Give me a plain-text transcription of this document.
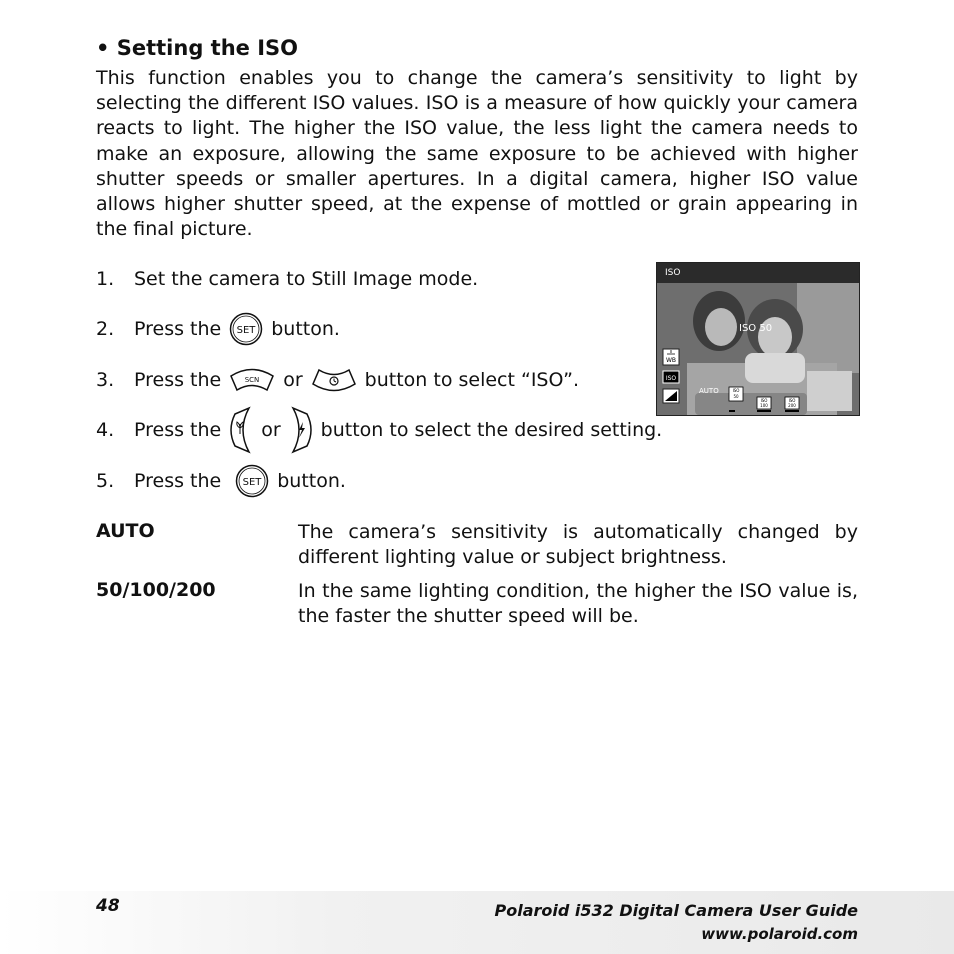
• Setting the ISO
This function enables you to change the camera’s sensitivity to light by selecting the different ISO values. ISO is a measure of how quickly your camera reacts to light. The higher the ISO value, the less light the camera needs to make an exposure, allowing the same exposure to be achieved with higher shutter speeds or smaller apertures. In a digital camera, higher ISO value allows higher shutter speed, at the expense of mottled or grain appearing in the final picture.
1.	Set the camera to Still Image mode.
2.	Press the SET button.
3.	Press the	SCN or	button to select “ISO”.
4.	Press the or button to select the desired setting.
5.	Press the SET button.
AUTO	The camera’s sensitivity is automatically changed by different lighting value or subject brightness.
50/100/200	In the same lighting condition, the higher the ISO value is, the faster the shutter speed will be.
ISO
WB
ISO
ISO
50
ISO
100
ISO
200
ISO 50
AUTO
48	Polaroid i532 Digital Camera User Guide
www.polaroid.com
